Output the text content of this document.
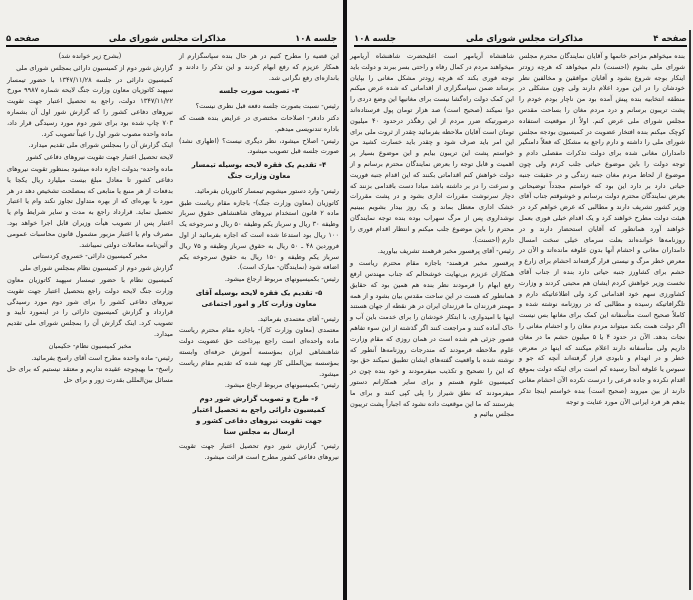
جلسه ۱۰۸
مذاکرات مجلس شورای ملی
صفحه ۵

این قضیه را مطرح کنیم در هر حال بنده سپاسگزارم از همکار عزیزم که رفع ابهام کردند و این تذکر را دادند و باندازه‌ای رفع نگرانی شد.

۳- تصویب صورت جلسه

رئیس- نسبت بصورت جلسه دفعه قبل نظری نیست؟

دکتر دادفر- اصلاحات مختصری در عرایض بنده هست که باداره تندنویسی میدهم.

رئیس- اصلاح میشود، نظر دیگری نیست؟ (اظهاری نشد) صورت جلسه قبل تصویب میشود.

۴- تقدیم یک فقره لایحه بوسیله تیمسار معاون وزارت جنگ

رئیس- وارد دستور میشویم تیمسار کاتوزیان بفرمائید.

کاتوزیان (معاون وزارت جنگ)- باجازه مقام ریاست طبق ماده ۲ قانون استخدام نیروهای شاهنشاهی حقوق سرباز وظیفه ۳۰ ریال و سرباز یکم وظیفه ۵۰ ریال و سرجوخه یک ۱۰۰ ریال بود استدعا شده است که اجازه بفرمائید از اول فروردین ۴۸ ـ ۵۰ ریال به حقوق سرباز وظیفه و ۷۵ ریال سرباز یکم وظیفه و ۱۵۰ ریال به حقوق سرجوخه یکم اضافه شود (نمایندگان- مبارک است).

رئیس- بکمیسیونهای مربوط ارجاع میشود.

۵- تقدیم یک فقره لایحه بوسیله آقای معاون وزارت کار و امور اجتماعی

رئیس- آقای معتمدی بفرمائید.

معتمدی (معاون وزارت کار)- باجازه مقام محترم ریاست ماده واحده‌ای است راجع بپرداخت حق عضویت دولت شاهنشاهی ایران بمؤسسه آموزش حرفه‌ای وابسته بمؤسسه بین‌المللی کار تهیه شده که تقدیم مقام ریاست میشود.

رئیس- بکمیسیونهای مربوط ارجاع میشود.

۶- طرح و تصویب گزارش شور دوم کمیسیون دارائی راجع به تحصیل اعتبار جهت تقویت نیروهای دفاعی کشور و ارسال به مجلس سنا

رئیس- گزارش شور دوم تحصیل اعتبار جهت تقویت نیروهای دفاعی کشور مطرح است قرائت میشود.

(بشرح زیر خوانده شد)

گزارش شور دوم از کمیسیون دارائی بمجلس شورای ملی

کمیسیون دارائی در جلسه ۱۳۴۷/۱۱/۲۸ با حضور تیمسار سپهبد کاتوزیان معاون وزارت جنگ لایحه شماره ۹۹۸۷ مورخ ۱۳۴۷/۱۱/۲۲ دولت، راجع به تحصیل اعتبار جهت تقویت نیروهای دفاعی کشور را که گزارش شور اول آن بشماره ۷۰۳ چاپ شده بود برای شور دوم مورد رسیدگی قرار داد، ماده واحده مصوب شور اول را عیناً تصویب کرد.

اینک گزارش آن را بمجلس شورای ملی تقدیم میدارد.

لایحه تحصیل اعتبار جهت تقویت نیروهای دفاعی کشور

ماده واحده- بدولت اجازه داده میشود بمنظور تقویت نیروهای دفاعی کشور تا معادل مبلغ بیست میلیارد ریال یکجا یا بدفعات از هر منبع یا منابعی که بمصلحت تشخیص دهد در هر مورد با بهره‌ای که از بهره متداول تجاوز نکند وام یا اعتبار تحصیل نماید. قرارداد راجع به مدت و سایر شرایط وام یا اعتبار پس از تصویب هیأت وزیران قابل اجرا خواهد بود. مصرف وام یا اعتبار مزبور مشمول قانون محاسبات عمومی و آئین‌نامه معاملات دولتی نمیباشد.

مخبر کمیسیون دارائی- خسروی کردستانی

گزارش شور دوم از کمیسیون نظام بمجلس شورای ملی

کمیسیون نظام با حضور تیمسار سپهبد کاتوزیان معاون وزارت جنگ لایحه دولت راجع بتحصیل اعتبار جهت تقویت نیروهای دفاعی کشور را برای شور دوم مورد رسیدگی قرارداد و گزارش کمیسیون دارائی را در اینمورد تأیید و تصویب کرد. اینک گزارش آن را بمجلس شورای ملی تقدیم میدارد.

مخبر کمیسیون نظام- حکیمیان

رئیس- ماده واحده مطرح است آقای راسخ بفرمائید.

راسخ- ما بهیچوجه عقیده نداریم و معتقد نیستیم که برای حل مسائل بین‌المللی بقدرت زور و برای حل

صفحه ۴
مذاکرات مجلس شورای ملی
جلسه ۱۰۸

بنده میخواهم مزاحم خانمها و آقایان نمایندگان محترم مجلس شورای ملی بشوم (احسنت) دلم میخواهد که هرچه زودتر اینکار بوجه شروع بشود و آقایان موافقین و مخالفین نظر خودشان را در این مورد اعلام دارند ولی چون مشکلی در منطقه انتخابیه بنده پیش آمده بود من ناچار بودم خودم را پشت تریبون برسانم و درد مردم مغان را بساحت مقدس مجلس شورای ملی عرض کنم. اولاً از موقعیت استفاده کوچک میکنم بنده افتخار عضویت در کمیسیون بودجه مجلس شورای ملی را داشته و دارم راجع به مشکل که فعلاً دامنگیر دامداران مغانی شده برای دولت تذکرات مفصلی دادم و توجه دولت را باین موضوع حیاتی جلب کردم ولی چون موضوع از لحاظ مردم مغان جنبه زندگی و در حقیقت جنبه حیاتی دارد بر دارد این بود که خواستم مجدداً توضیحاتی بعرض نمایندگان محترم دولت برسانم و خوشوقتم جناب آقای وزیر کشور تشریف دارند و مطالبی که عرض خواهم کرد در هیئت دولت مطرح خواهند کرد و یک اقدام خیلی فوری بعمل خواهند آورد همانطور که آقایان استحضار دارند و در روزنامه‌ها خوانده‌اند بعلت سرمای خیلی سخت امسال دامداران مغانی و احشام آنها بدون علوفه مانده‌اند و الآن در معرض خطر مرگ و نیستی قرار گرفته‌اند احشام برای زارع و حشم برای کشاورز جنبه حیاتی دارد بنده از جناب آقای نخست وزیر خواهش کردم ایشان هم محبتی کردند و وزارت کشاورزی سهم خود اقداماتی کرد ولی اطلاعاتیکه دارم و تلگرافاتیکه رسیده و مطالبی که در روزنامه نوشته شده و کاملاً صحیح است متأسفانه این کمک برای مغانها بس نیست اگر دولت همت بکند میتواند مردم مغان را و احشام مغانی را نجات بدهد. الآن در حدود ۴ یا ۵ میلیون حشم ما در مغان داریم ولی متأسفانه دارند اعلام میکنند که اینها در معرض خطر و در انهدام و نابودی قرار گرفته‌اند آنچه که جو و سبوس یا علوفه آنجا رسیده کم است برای اینکه دولت بموقع اقدام نکرده و جاده فرعی را درست نکرده الآن احشام مغانی دارند از بین میروند (صحیح است) بنده خواستم اینجا تذکر بدهم هر فرد ایرانی الآن مورد عنایت و توجه

شاهنشاه آریامهر است اعلیحضرت شاهنشاه آریامهر میخواهند مردم در کمال رفاه و راحتی بسر ببرند و دولت باید توجه فوری بکند که هرچه زودتر مشکل مغانی را بپایان برساند ضمن سپاسگزاری از اقداماتی که شده عرض میکنم این کمک دولت راه‌گشا نیست برای مغانیها این وضع دردی را دوا نمیکند (صحیح است) صد هزار تومان پول فرستاده‌اند درصورتیکه ضرر مردم از این رهگذر درحدود ۴۰ میلیون تومان است آقایان ملاحظه بفرمائید چقدر از ثروت ملی برای این امر باید صرف شود و چقدر باید خسارت کشید من خواستم پشت این تریبون بیایم و این موضوع بسیار پر اهمیت و قابل توجه را بعرض نمایندگان محترم برسانم و از دولت خواهش کنم اقداماتی بکنند که این اقدام جنبه فوریت و سرعت را در بر داشته باشد مبادا دست باقدامی بزنند که دچار سرنوشت مقررات اداری بشود و در پشت مقررات خشک اداری معطل بماند و یک روز بیدار بشویم ببینیم نوشداروی پس از مرگ سهراب بوده بنده توجه نمایندگان محترم را باین موضوع جلب میکنم و انتظار اقدام فوری را دارم (احسنت).

رئیس- آقای پرفسور مخبر فرهمند تشریف بیاورید.

پرفسور مخبر فرهمند- باجازه مقام محترم ریاست و همکاران عزیزم بی‌نهایت خوشحالم که جناب مهندس ارفع رفع ابهام را فرمودند نظر بنده هم همین بود که حقایق همانطور که هست در این ساحت مقدس بیان بشود و از همه مهمتر فرزندان ما فرزندان ایران در هر نقطه از جهان هستند اینها با امیدواری، با ابتکار خودشان را برای خدمت باین آب و خاک آماده کنند و مراجعت کنند اگر گذشته از این سوء تفاهم قصور جزئی هم شده است در همان روزی که مقام وزارت علوم ملاحظه فرمودند که مندرجات روزنامه‌ها آنطور که نوشته شده با واقعیت گفته‌های ایشان تطبیق نمیکند حق بود که این را تصحیح و تکذیب میفرمودند و خود بنده چون در کمیسیون علوم هستم و برای سایر همکارانم دستور میفرمودند که نطق شیراز را پلی کپی کنند و برای ما بفرستند که ما این موقعیت داده نشود که اجباراً پشت تریبون مجلس بیائیم و
